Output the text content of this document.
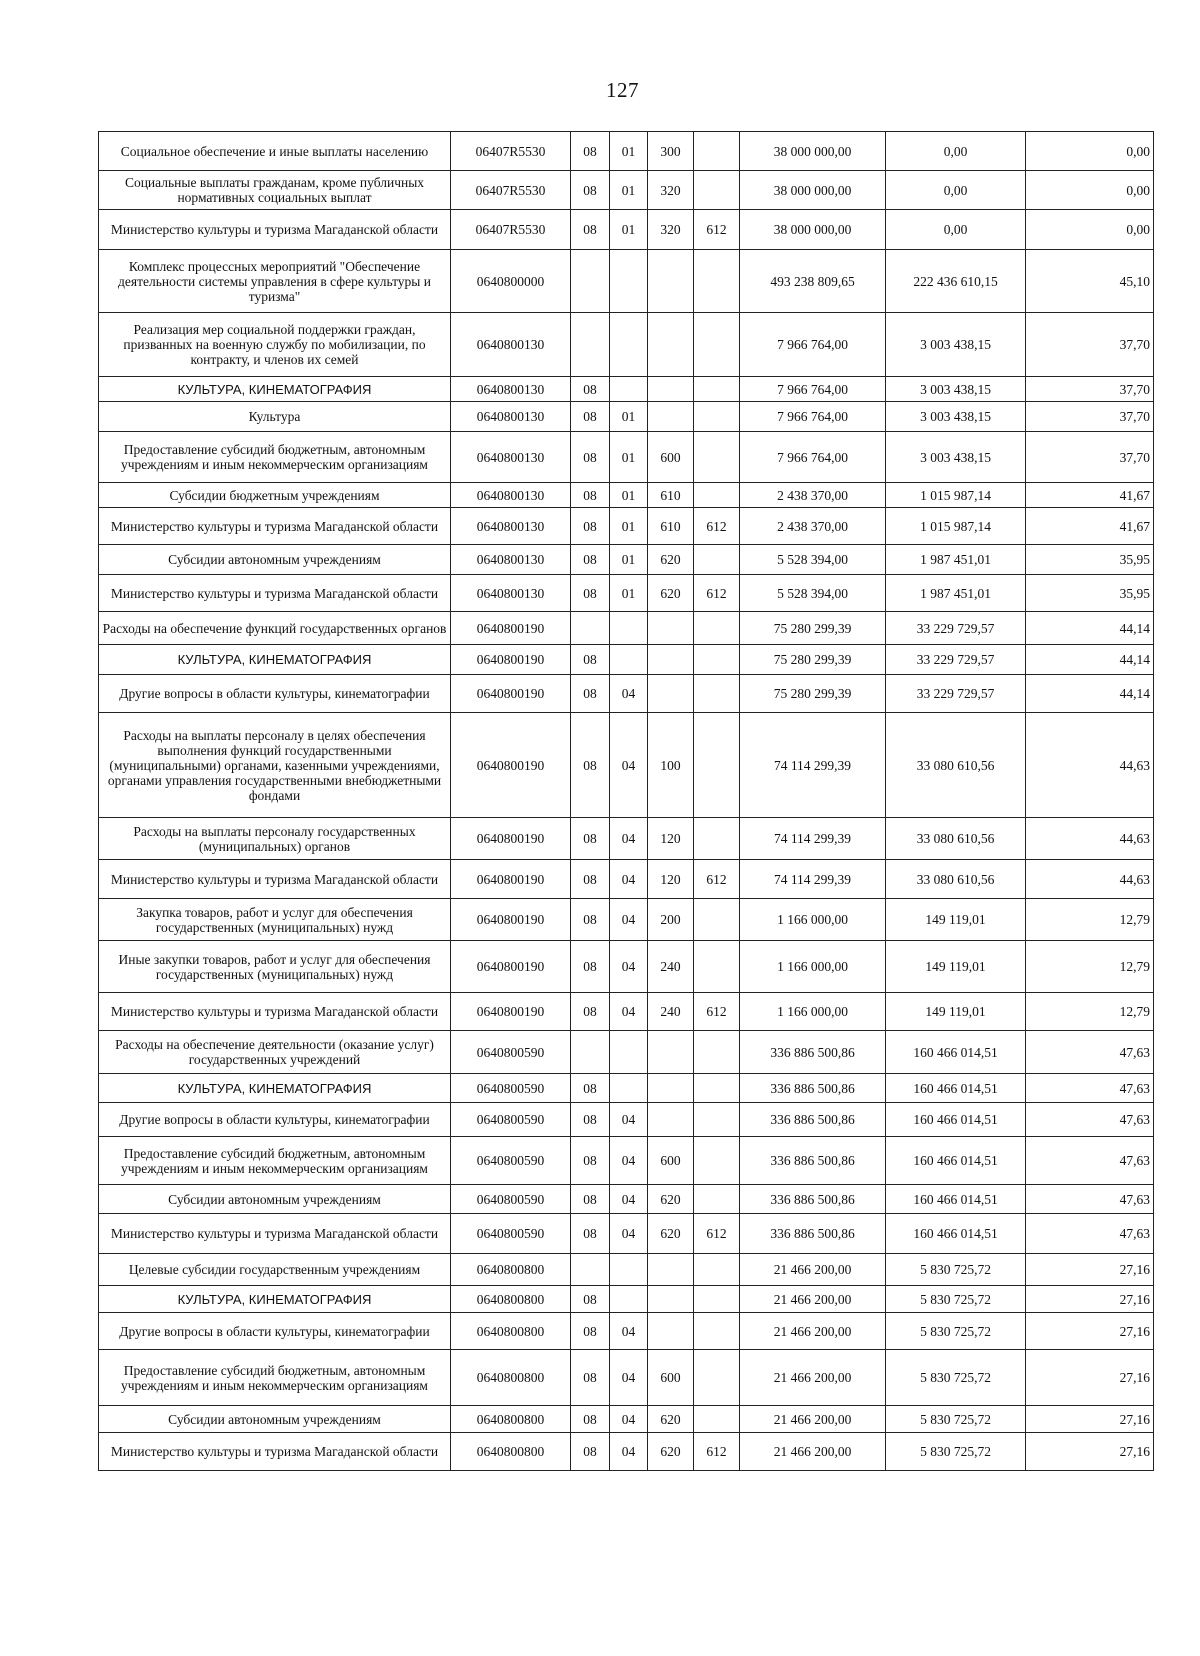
127
Социальное обеспечение и иные выплаты населению	06407R5530	08	01	300		38 000 000,00	0,00	0,00
Социальные выплаты гражданам, кроме публичных нормативных социальных выплат	06407R5530	08	01	320		38 000 000,00	0,00	0,00
Министерство культуры и туризма Магаданской области	06407R5530	08	01	320	612	38 000 000,00	0,00	0,00
Комплекс процессных мероприятий "Обеспечение деятельности системы управления в сфере культуры и туризма"	0640800000					493 238 809,65	222 436 610,15	45,10
Реализация мер социальной поддержки граждан, призванных на военную службу по мобилизации, по контракту, и членов их семей	0640800130					7 966 764,00	3 003 438,15	37,70
КУЛЬТУРА, КИНЕМАТОГРАФИЯ	0640800130	08				7 966 764,00	3 003 438,15	37,70
Культура	0640800130	08	01			7 966 764,00	3 003 438,15	37,70
Предоставление субсидий бюджетным, автономным учреждениям и иным некоммерческим организациям	0640800130	08	01	600		7 966 764,00	3 003 438,15	37,70
Субсидии бюджетным учреждениям	0640800130	08	01	610		2 438 370,00	1 015 987,14	41,67
Министерство культуры и туризма Магаданской области	0640800130	08	01	610	612	2 438 370,00	1 015 987,14	41,67
Субсидии автономным учреждениям	0640800130	08	01	620		5 528 394,00	1 987 451,01	35,95
Министерство культуры и туризма Магаданской области	0640800130	08	01	620	612	5 528 394,00	1 987 451,01	35,95
Расходы на обеспечение функций государственных органов	0640800190					75 280 299,39	33 229 729,57	44,14
КУЛЬТУРА, КИНЕМАТОГРАФИЯ	0640800190	08				75 280 299,39	33 229 729,57	44,14
Другие вопросы в области культуры, кинематографии	0640800190	08	04			75 280 299,39	33 229 729,57	44,14
Расходы на выплаты персоналу в целях обеспечения выполнения функций государственными (муниципальными) органами, казенными учреждениями, органами управления государственными внебюджетными фондами	0640800190	08	04	100		74 114 299,39	33 080 610,56	44,63
Расходы на выплаты персоналу государственных (муниципальных) органов	0640800190	08	04	120		74 114 299,39	33 080 610,56	44,63
Министерство культуры и туризма Магаданской области	0640800190	08	04	120	612	74 114 299,39	33 080 610,56	44,63
Закупка товаров, работ и услуг для обеспечения государственных (муниципальных) нужд	0640800190	08	04	200		1 166 000,00	149 119,01	12,79
Иные закупки товаров, работ и услуг для обеспечения государственных (муниципальных) нужд	0640800190	08	04	240		1 166 000,00	149 119,01	12,79
Министерство культуры и туризма Магаданской области	0640800190	08	04	240	612	1 166 000,00	149 119,01	12,79
Расходы на обеспечение деятельности (оказание услуг) государственных учреждений	0640800590					336 886 500,86	160 466 014,51	47,63
КУЛЬТУРА, КИНЕМАТОГРАФИЯ	0640800590	08				336 886 500,86	160 466 014,51	47,63
Другие вопросы в области культуры, кинематографии	0640800590	08	04			336 886 500,86	160 466 014,51	47,63
Предоставление субсидий бюджетным, автономным учреждениям и иным некоммерческим организациям	0640800590	08	04	600		336 886 500,86	160 466 014,51	47,63
Субсидии автономным учреждениям	0640800590	08	04	620		336 886 500,86	160 466 014,51	47,63
Министерство культуры и туризма Магаданской области	0640800590	08	04	620	612	336 886 500,86	160 466 014,51	47,63
Целевые субсидии государственным учреждениям	0640800800					21 466 200,00	5 830 725,72	27,16
КУЛЬТУРА, КИНЕМАТОГРАФИЯ	0640800800	08				21 466 200,00	5 830 725,72	27,16
Другие вопросы в области культуры, кинематографии	0640800800	08	04			21 466 200,00	5 830 725,72	27,16
Предоставление субсидий бюджетным, автономным учреждениям и иным некоммерческим организациям	0640800800	08	04	600		21 466 200,00	5 830 725,72	27,16
Субсидии автономным учреждениям	0640800800	08	04	620		21 466 200,00	5 830 725,72	27,16
Министерство культуры и туризма Магаданской области	0640800800	08	04	620	612	21 466 200,00	5 830 725,72	27,16
